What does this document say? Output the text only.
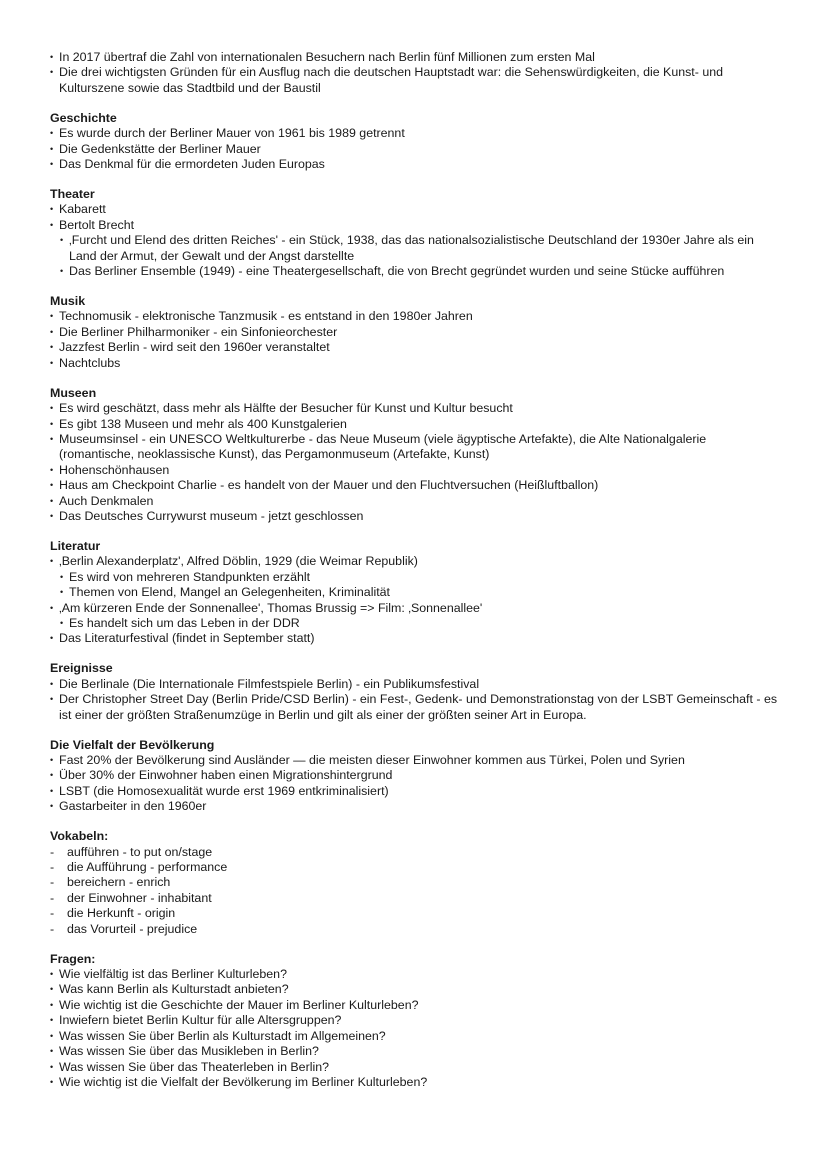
• In 2017 übertraf die Zahl von internationalen Besuchern nach Berlin fünf Millionen zum ersten Mal
• Die drei wichtigsten Gründen für ein Ausflug nach die deutschen Hauptstadt war: die Sehenswürdigkeiten, die Kunst- und Kulturszene sowie das Stadtbild und der Baustil
Geschichte
• Es wurde durch der Berliner Mauer von 1961 bis 1989 getrennt
• Die Gedenkstätte der Berliner Mauer
• Das Denkmal für die ermordeten Juden Europas
Theater
• Kabarett
• Bertolt Brecht
• ‚Furcht und Elend des dritten Reiches' - ein Stück, 1938, das das nationalsozialistische Deutschland der 1930er Jahre als ein Land der Armut, der Gewalt und der Angst darstellte
• Das Berliner Ensemble (1949) - eine Theatergesellschaft, die von Brecht gegründet wurden und seine Stücke aufführen
Musik
• Technomusik - elektronische Tanzmusik - es entstand in den 1980er Jahren
• Die Berliner Philharmoniker - ein Sinfonieorchester
• Jazzfest Berlin - wird seit den 1960er veranstaltet
• Nachtclubs
Museen
• Es wird geschätzt, dass mehr als Hälfte der Besucher für Kunst und Kultur besucht
• Es gibt 138 Museen und mehr als 400 Kunstgalerien
• Museumsinsel - ein UNESCO Weltkulturerbe - das Neue Museum (viele ägyptische Artefakte), die Alte Nationalgalerie (romantische, neoklassische Kunst), das Pergamonmuseum (Artefakte, Kunst)
• Hohenschönhausen
• Haus am Checkpoint Charlie - es handelt von der Mauer und den Fluchtversuchen (Heißluftballon)
• Auch Denkmalen
• Das Deutsches Currywurst museum - jetzt geschlossen
Literatur
• ‚Berlin Alexanderplatz', Alfred Döblin, 1929 (die Weimar Republik)
• Es wird von mehreren Standpunkten erzählt
• Themen von Elend, Mangel an Gelegenheiten, Kriminalität
• ‚Am kürzeren Ende der Sonnenallee', Thomas Brussig => Film: ‚Sonnenallee'
• Es handelt sich um das Leben in der DDR
• Das Literaturfestival (findet in September statt)
Ereignisse
• Die Berlinale (Die Internationale Filmfestspiele Berlin) - ein Publikumsfestival
• Der Christopher Street Day (Berlin Pride/CSD Berlin) - ein Fest-, Gedenk- und Demonstrationstag von der LSBT Gemeinschaft - es ist einer der größten Straßenumzüge in Berlin und gilt als einer der größten seiner Art in Europa.
Die Vielfalt der Bevölkerung
• Fast 20% der Bevölkerung sind Ausländer — die meisten dieser Einwohner kommen aus Türkei, Polen und Syrien
• Über 30% der Einwohner haben einen Migrationshintergrund
• LSBT (die Homosexualität wurde erst 1969 entkriminalisiert)
• Gastarbeiter in den 1960er
Vokabeln:
- aufführen - to put on/stage
- die Aufführung - performance
- bereichern - enrich
- der Einwohner - inhabitant
- die Herkunft - origin
- das Vorurteil - prejudice
Fragen:
• Wie vielfältig ist das Berliner Kulturleben?
• Was kann Berlin als Kulturstadt anbieten?
• Wie wichtig ist die Geschichte der Mauer im Berliner Kulturleben?
• Inwiefern bietet Berlin Kultur für alle Altersgruppen?
• Was wissen Sie über Berlin als Kulturstadt im Allgemeinen?
• Was wissen Sie über das Musikleben in Berlin?
• Was wissen Sie über das Theaterleben in Berlin?
• Wie wichtig ist die Vielfalt der Bevölkerung im Berliner Kulturleben?
